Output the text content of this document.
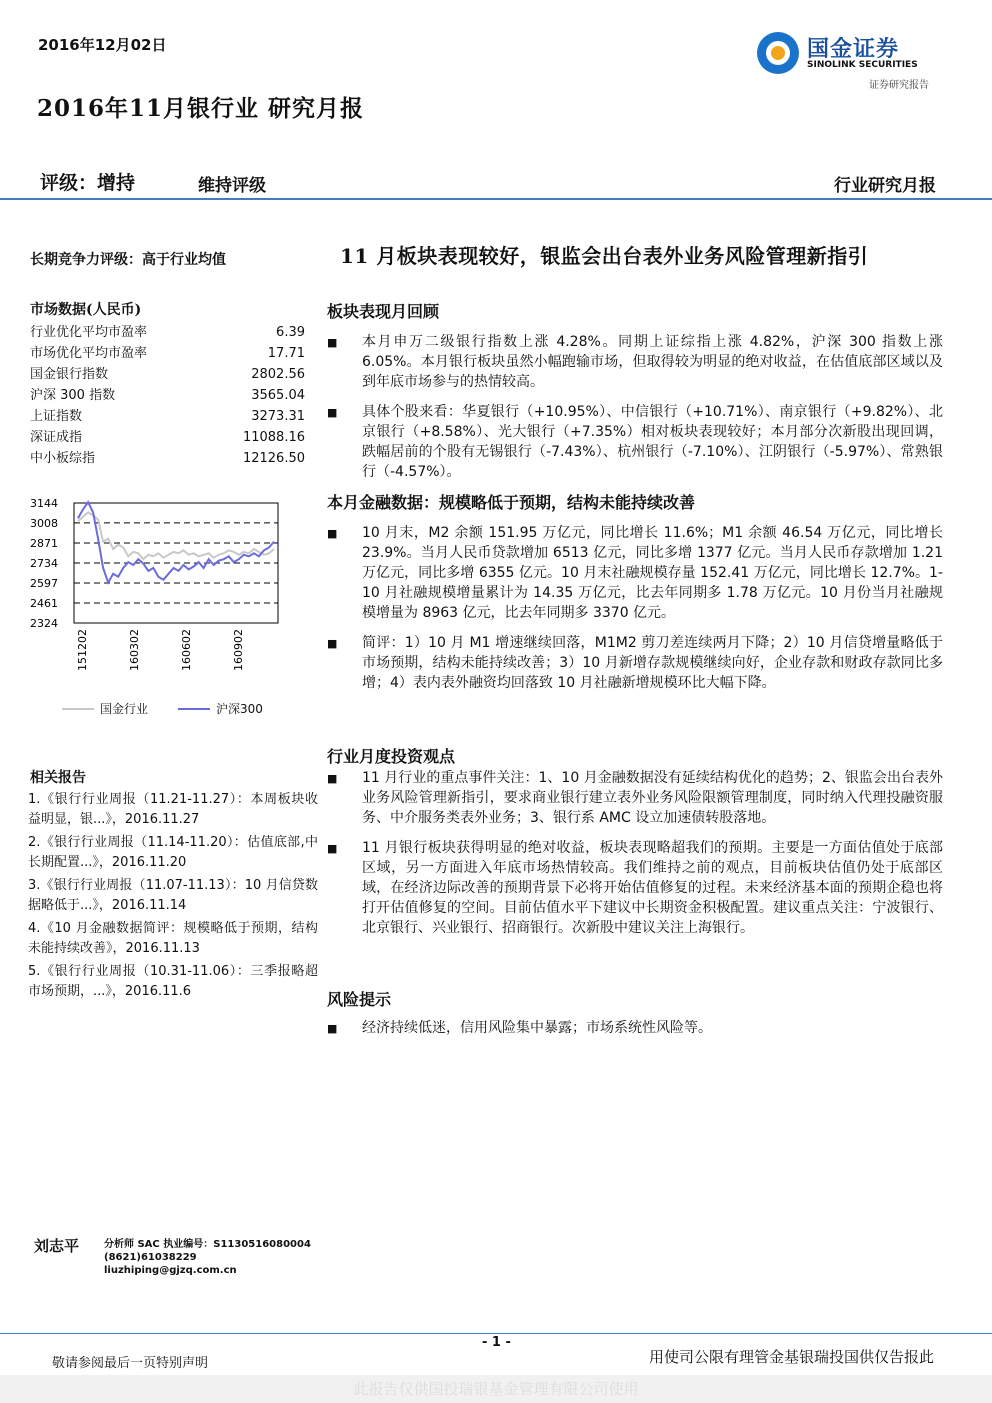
2016年12月02日
2016年11月银行业 研究月报
国金证券
SINOLINK SECURITIES
证券研究报告
评级：增持	维持评级	行业研究月报
长期竞争力评级：高于行业均值
市场数据(人民币)
行业优化平均市盈率	6.39
市场优化平均市盈率	17.71
国金银行指数	2802.56
沪深 300 指数	3565.04
上证指数	3273.31
深证成指	11088.16
中小板综指	12126.50
3144
3008
2871
2734
2597
2461
2324
151202	160302	160602	160902
国金行业	沪深300
相关报告
1.《银行行业周报（11.21-11.27）：本周板块收益明显，银...》，2016.11.27
2.《银行行业周报（11.14-11.20）：估值底部,中长期配置...》，2016.11.20
3.《银行行业周报（11.07-11.13）：10 月信贷数据略低于...》，2016.11.14
4.《10 月金融数据简评：规模略低于预期，结构未能持续改善》，2016.11.13
5.《银行行业周报（10.31-11.06）：三季报略超市场预期，...》，2016.11.6
11 月板块表现较好，银监会出台表外业务风险管理新指引
板块表现月回顾
■	本月申万二级银行指数上涨 4.28%。同期上证综指上涨 4.82%，沪深 300 指数上涨 6.05%。本月银行板块虽然小幅跑输市场，但取得较为明显的绝对收益，在估值底部区域以及到年底市场参与的热情较高。
■	具体个股来看：华夏银行（+10.95%）、中信银行（+10.71%）、南京银行（+9.82%）、北京银行（+8.58%）、光大银行（+7.35%）相对板块表现较好；本月部分次新股出现回调，跌幅居前的个股有无锡银行（-7.43%）、杭州银行（-7.10%）、江阴银行（-5.97%）、常熟银行（-4.57%）。
本月金融数据：规模略低于预期，结构未能持续改善
■	10 月末，M2 余额 151.95 万亿元，同比增长 11.6%；M1 余额 46.54 万亿元，同比增长 23.9%。当月人民币贷款增加 6513 亿元，同比多增 1377 亿元。当月人民币存款增加 1.21 万亿元，同比多增 6355 亿元。10 月末社融规模存量 152.41 万亿元，同比增长 12.7%。1-10 月社融规模增量累计为 14.35 万亿元，比去年同期多 1.78 万亿元。10 月份当月社融规模增量为 8963 亿元，比去年同期多 3370 亿元。
■	简评：1）10 月 M1 增速继续回落，M1M2 剪刀差连续两月下降；2）10 月信贷增量略低于市场预期，结构未能持续改善；3）10 月新增存款规模继续向好，企业存款和财政存款同比多增；4）表内表外融资均回落致 10 月社融新增规模环比大幅下降。
行业月度投资观点
■	11 月行业的重点事件关注：1、10 月金融数据没有延续结构优化的趋势；2、银监会出台表外业务风险管理新指引，要求商业银行建立表外业务风险限额管理制度，同时纳入代理投融资服务、中介服务类表外业务；3、银行系 AMC 设立加速债转股落地。
■	11 月银行板块获得明显的绝对收益，板块表现略超我们的预期。主要是一方面估值处于底部区域，另一方面进入年底市场热情较高。我们维持之前的观点，目前板块估值仍处于底部区域，在经济边际改善的预期背景下必将开始估值修复的过程。未来经济基本面的预期企稳也将打开估值修复的空间。目前估值水平下建议中长期资金积极配置。建议重点关注：宁波银行、北京银行、兴业银行、招商银行。次新股中建议关注上海银行。
风险提示
■	经济持续低迷，信用风险集中暴露；市场系统性风险等。
刘志平 分析师 SAC 执业编号：S1130516080004
(8621)61038229
liuzhiping@gjzq.com.cn
- 1 -
敬请参阅最后一页特别声明	用使司公限有理管金基银瑞投国供仅告报此
此报告仅供国投瑞银基金管理有限公司使用
